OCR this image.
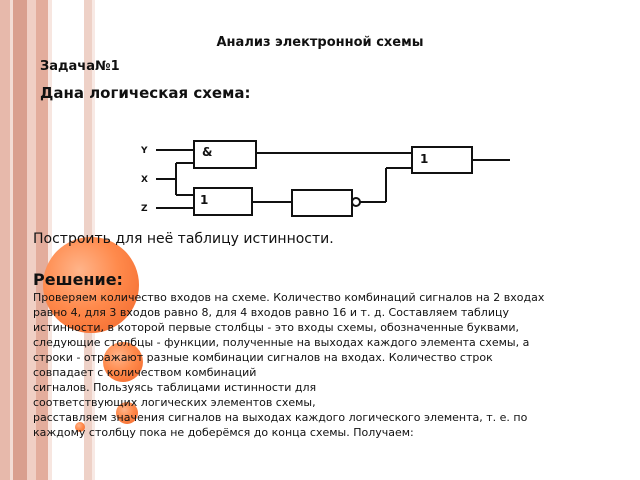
Анализ электронной схемы
Задача№1
Дана логическая схема:
Y
X
Z
&
1
1
Построить для неё таблицу истинности.
Решение:
Проверяем количество входов на схеме. Количество комбинаций сигналов на 2 входах
равно 4, для 3 входов равно 8, для 4 входов равно 16 и т. д. Составляем таблицу
истинности, в которой первые столбцы - это входы схемы, обозначенные буквами,
следующие столбцы - функции, полученные на выходах каждого элемента схемы, а
строки - отражают разные комбинации сигналов на входах. Количество строк
совпадает с количеством комбинаций
сигналов. Пользуясь таблицами истинности для
соответствующих логических элементов схемы,
расставляем значения сигналов на выходах каждого логического элемента, т. е. по
каждому столбцу пока не доберёмся до конца схемы. Получаем:
